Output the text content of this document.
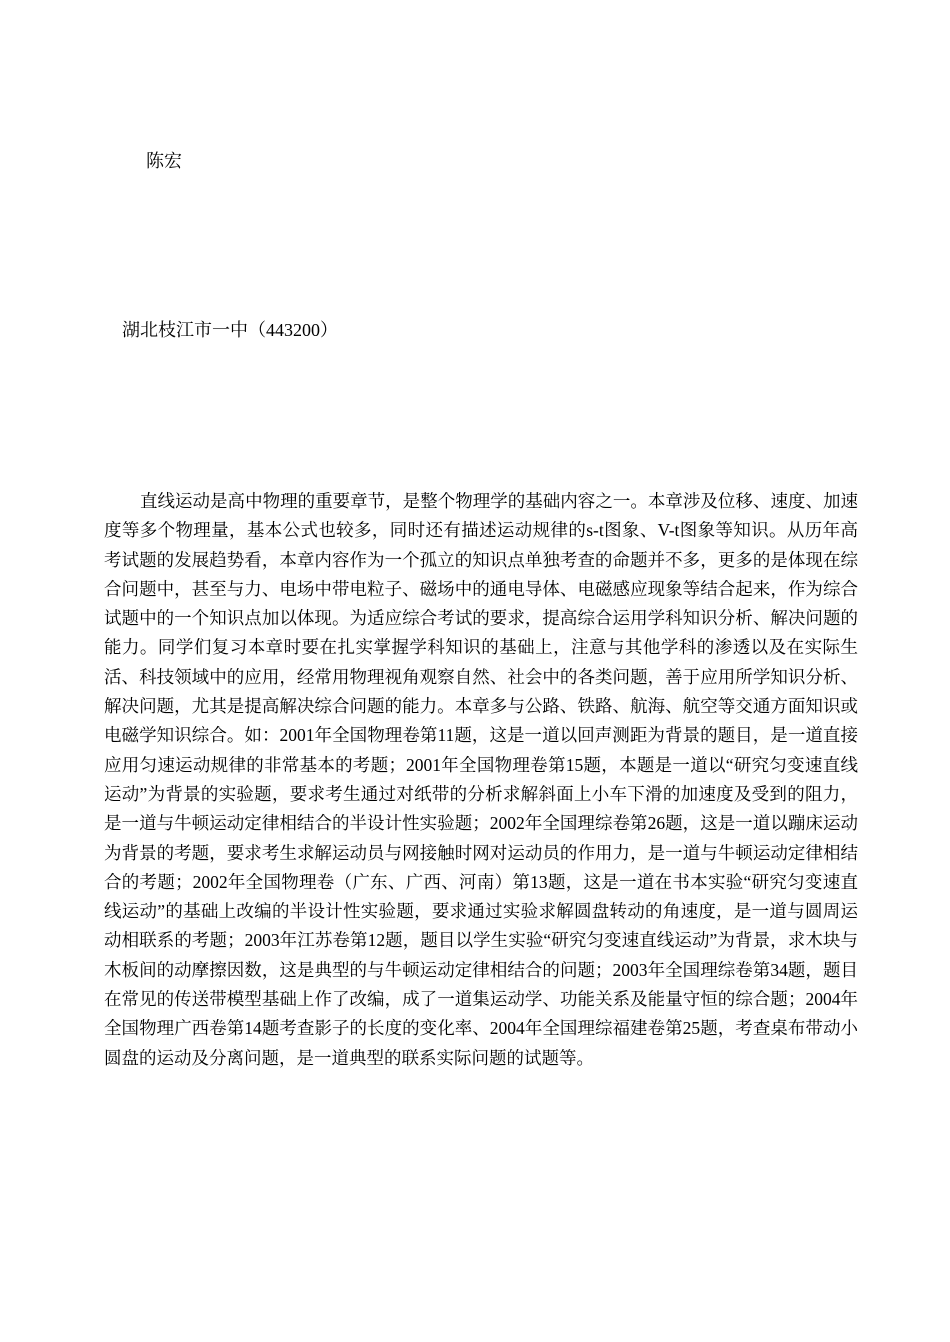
陈宏
湖北枝江市一中（443200）

直线运动是高中物理的重要章节，是整个物理学的基础内容之一。本章涉及位移、速度、加速度等多个物理量，基本公式也较多，同时还有描述运动规律的s-t图象、V-t图象等知识。从历年高考试题的发展趋势看，本章内容作为一个孤立的知识点单独考查的命题并不多，更多的是体现在综合问题中，甚至与力、电场中带电粒子、磁场中的通电导体、电磁感应现象等结合起来，作为综合试题中的一个知识点加以体现。为适应综合考试的要求，提高综合运用学科知识分析、解决问题的能力。同学们复习本章时要在扎实掌握学科知识的基础上，注意与其他学科的渗透以及在实际生活、科技领域中的应用，经常用物理视角观察自然、社会中的各类问题，善于应用所学知识分析、解决问题，尤其是提高解决综合问题的能力。本章多与公路、铁路、航海、航空等交通方面知识或电磁学知识综合。如：2001年全国物理卷第11题，这是一道以回声测距为背景的题目，是一道直接应用匀速运动规律的非常基本的考题；2001年全国物理卷第15题，本题是一道以“研究匀变速直线运动”为背景的实验题，要求考生通过对纸带的分析求解斜面上小车下滑的加速度及受到的阻力，是一道与牛顿运动定律相结合的半设计性实验题；2002年全国理综卷第26题，这是一道以蹦床运动为背景的考题，要求考生求解运动员与网接触时网对运动员的作用力，是一道与牛顿运动定律相结合的考题；2002年全国物理卷（广东、广西、河南）第13题，这是一道在书本实验“研究匀变速直线运动”的基础上改编的半设计性实验题，要求通过实验求解圆盘转动的角速度，是一道与圆周运动相联系的考题；2003年江苏卷第12题，题目以学生实验“研究匀变速直线运动”为背景，求木块与木板间的动摩擦因数，这是典型的与牛顿运动定律相结合的问题；2003年全国理综卷第34题，题目在常见的传送带模型基础上作了改编，成了一道集运动学、功能关系及能量守恒的综合题；2004年全国物理广西卷第14题考查影子的长度的变化率、2004年全国理综福建卷第25题，考查桌布带动小圆盘的运动及分离问题，是一道典型的联系实际问题的试题等。
